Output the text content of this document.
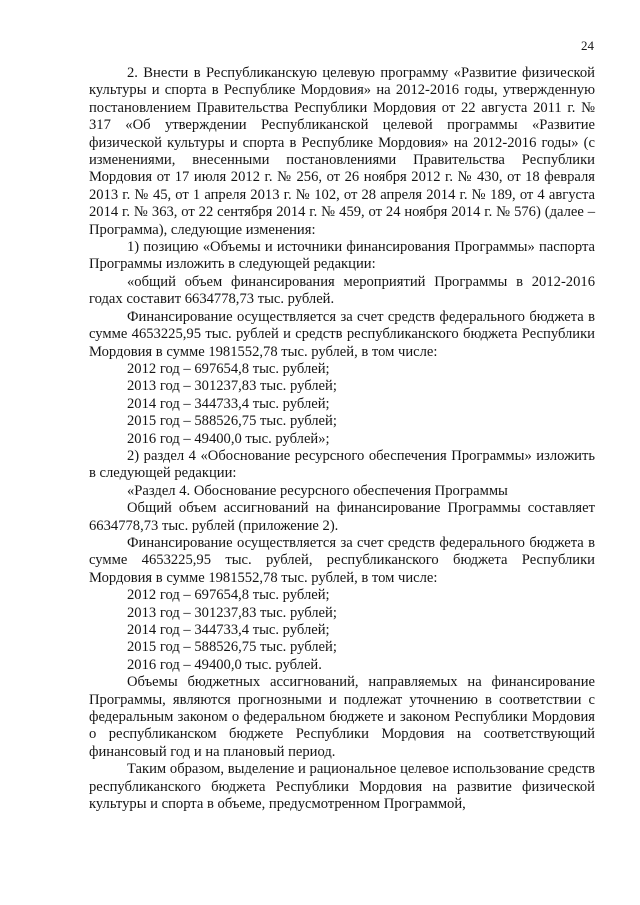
24

2. Внести в Республиканскую целевую программу «Развитие физической культуры и спорта в Республике Мордовия» на 2012-2016 годы, утвержденную постановлением Правительства Республики Мордовия от 22 августа 2011 г. № 317 «Об утверждении Республиканской целевой программы «Развитие физической культуры и спорта в Республике Мордовия» на 2012-2016 годы» (с изменениями, внесенными постановлениями Правительства Республики Мордовия от 17 июля 2012 г. № 256, от 26 ноября 2012 г. № 430, от 18 февраля 2013 г. № 45, от 1 апреля 2013 г. № 102, от 28 апреля 2014 г. № 189, от 4 августа 2014 г. № 363, от 22 сентября 2014 г. № 459, от 24 ноября 2014 г. № 576) (далее – Программа), следующие изменения:

1) позицию «Объемы и источники финансирования Программы» паспорта Программы изложить в следующей редакции:

«общий объем финансирования мероприятий Программы в 2012-2016 годах составит 6634778,73 тыс. рублей.

Финансирование осуществляется за счет средств федерального бюджета в сумме 4653225,95 тыс. рублей и средств республиканского бюджета Республики Мордовия в сумме 1981552,78 тыс. рублей, в том числе:

2012 год – 697654,8 тыс. рублей;

2013 год – 301237,83 тыс. рублей;

2014 год – 344733,4 тыс. рублей;

2015 год – 588526,75 тыс. рублей;

2016 год – 49400,0 тыс. рублей»;

2) раздел 4 «Обоснование ресурсного обеспечения Программы» изложить в следующей редакции:

«Раздел 4. Обоснование ресурсного обеспечения Программы

Общий объем ассигнований на финансирование Программы составляет 6634778,73 тыс. рублей (приложение 2).

Финансирование осуществляется за счет средств федерального бюджета в сумме 4653225,95 тыс. рублей, республиканского бюджета Республики Мордовия в сумме 1981552,78 тыс. рублей, в том числе:

2012 год – 697654,8 тыс. рублей;

2013 год – 301237,83 тыс. рублей;

2014 год – 344733,4 тыс. рублей;

2015 год – 588526,75 тыс. рублей;

2016 год – 49400,0 тыс. рублей.

Объемы бюджетных ассигнований, направляемых на финансирование Программы, являются прогнозными и подлежат уточнению в соответствии с федеральным законом о федеральном бюджете и законом Республики Мордовия о республиканском бюджете Республики Мордовия на соответствующий финансовый год и на плановый период.

Таким образом, выделение и рациональное целевое использование средств республиканского бюджета Республики Мордовия на развитие физической культуры и спорта в объеме, предусмотренном Программой,
